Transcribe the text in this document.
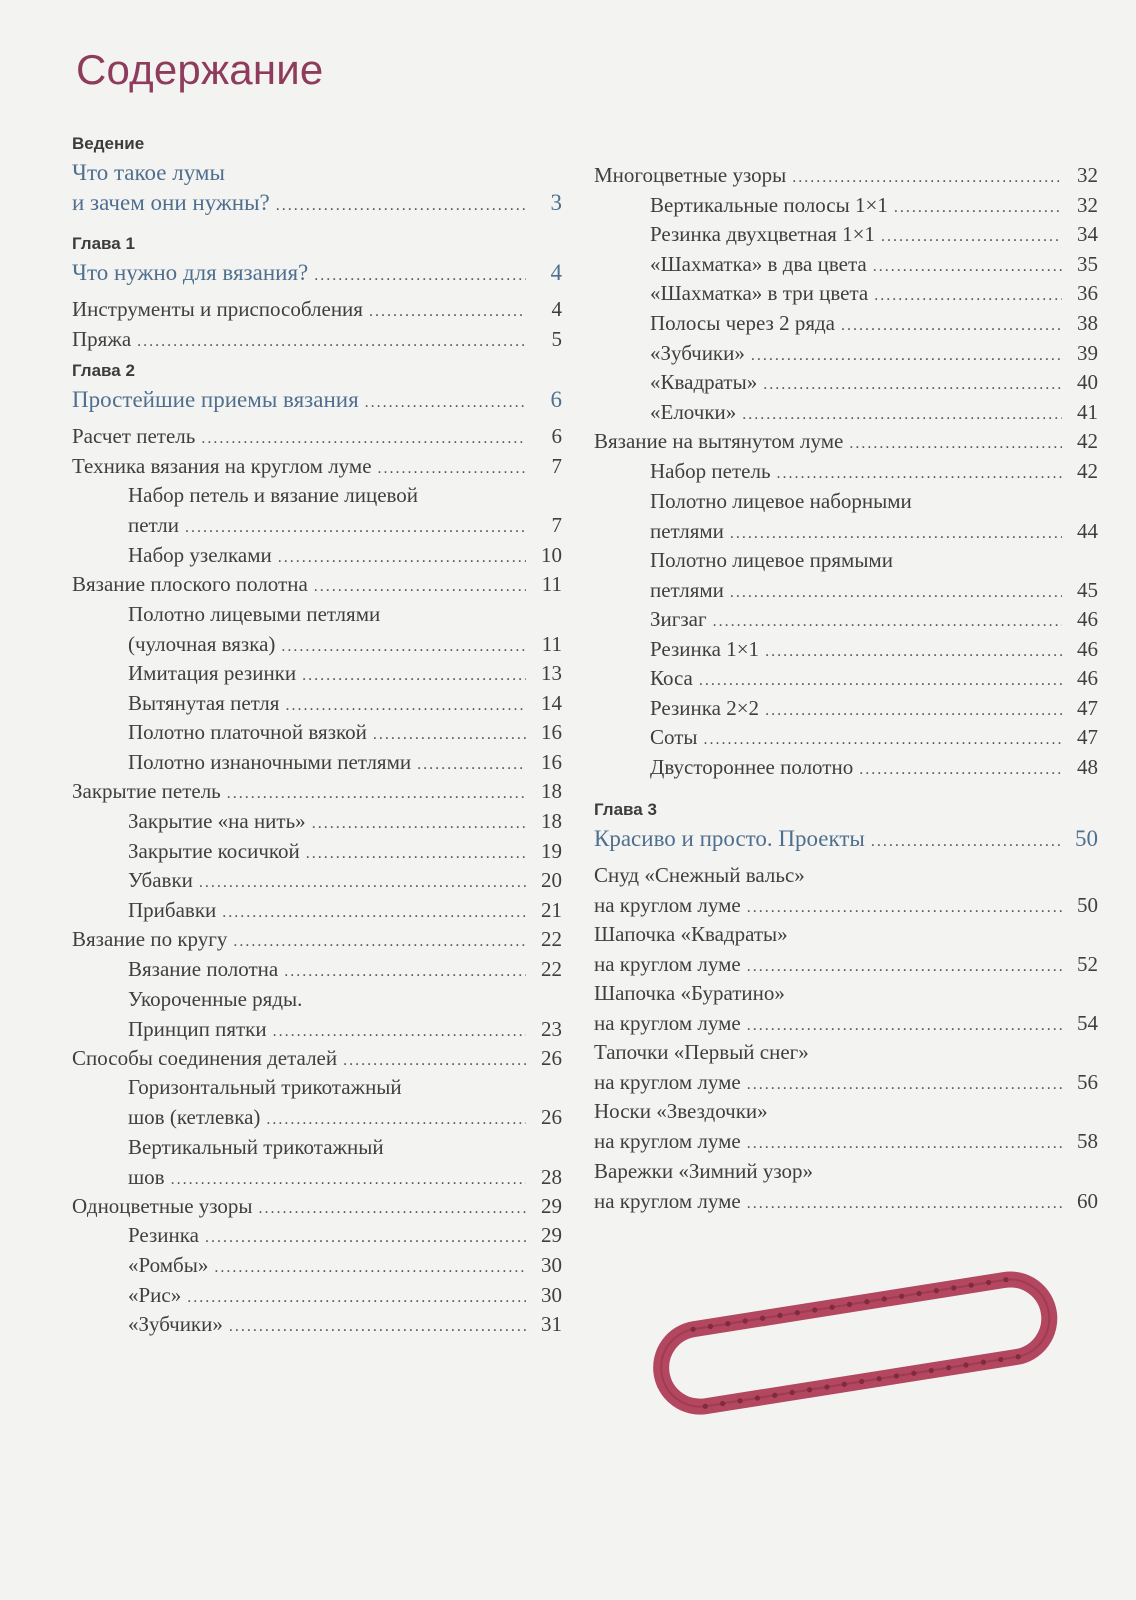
Содержание
Ведение
Что такое лумы
и зачем они нужны? .....	3
Глава 1
Что нужно для вязания? .....	4
Инструменты и приспособления .....	4
Пряжа .....	5
Глава 2
Простейшие приемы вязания .....	6
Расчет петель .....	6
Техника вязания на круглом луме .....	7
Набор петель и вязание лицевой
петли .....	7
Набор узелками .....	10
Вязание плоского полотна .....	11
Полотно лицевыми петлями
(чулочная вязка) .....	11
Имитация резинки .....	13
Вытянутая петля .....	14
Полотно платочной вязкой .....	16
Полотно изнаночными петлями .....	16
Закрытие петель .....	18
Закрытие «на нить» .....	18
Закрытие косичкой .....	19
Убавки .....	20
Прибавки .....	21
Вязание по кругу .....	22
Вязание полотна .....	22
Укороченные ряды.
Принцип пятки .....	23
Способы соединения деталей .....	26
Горизонтальный трикотажный
шов (кетлевка) .....	26
Вертикальный трикотажный
шов .....	28
Одноцветные узоры .....	29
Резинка .....	29
«Ромбы» .....	30
«Рис» .....	30
«Зубчики» .....	31
Многоцветные узоры .....	32
Вертикальные полосы 1×1 .....	32
Резинка двухцветная 1×1 .....	34
«Шахматка» в два цвета .....	35
«Шахматка» в три цвета .....	36
Полосы через 2 ряда .....	38
«Зубчики» .....	39
«Квадраты» .....	40
«Елочки» .....	41
Вязание на вытянутом луме .....	42
Набор петель .....	42
Полотно лицевое наборными
петлями .....	44
Полотно лицевое прямыми
петлями .....	45
Зигзаг .....	46
Резинка 1×1 .....	46
Коса .....	46
Резинка 2×2 .....	47
Соты .....	47
Двустороннее полотно .....	48
Глава 3
Красиво и просто. Проекты .....	50
Снуд «Снежный вальс»
на круглом луме .....	50
Шапочка «Квадраты»
на круглом луме .....	52
Шапочка «Буратино»
на круглом луме .....	54
Тапочки «Первый снег»
на круглом луме .....	56
Носки «Звездочки»
на круглом луме .....	58
Варежки «Зимний узор»
на круглом луме .....	60
